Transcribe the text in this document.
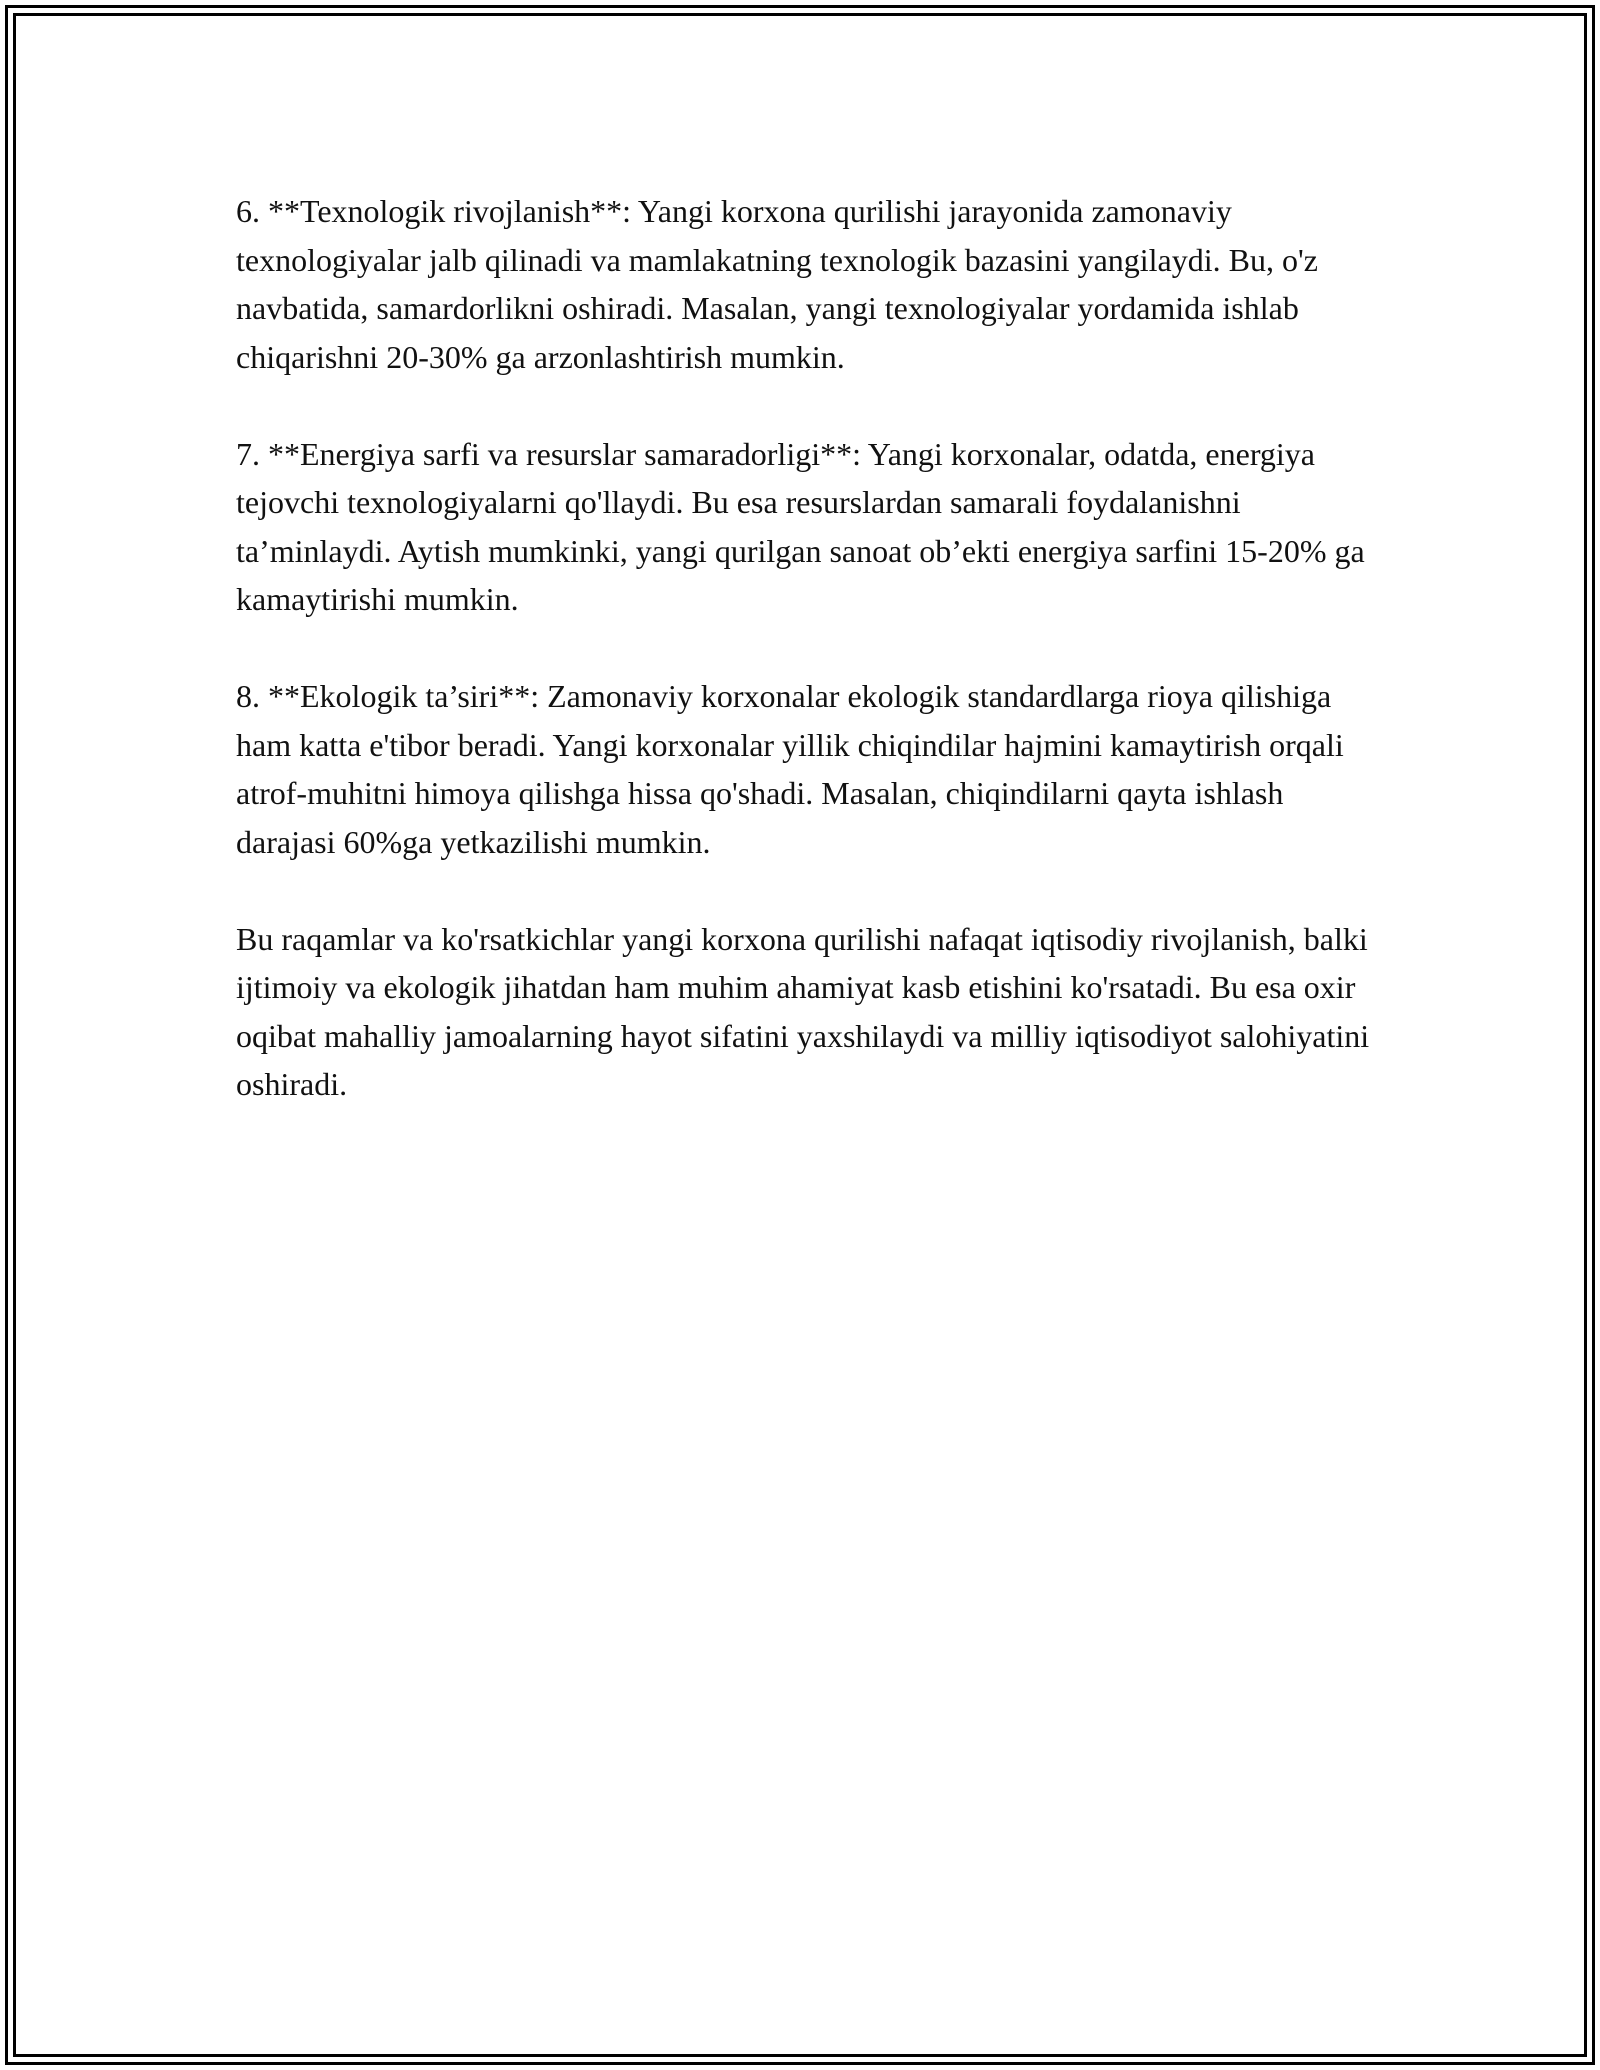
6. **Texnologik rivojlanish**: Yangi korxona qurilishi jarayonida zamonaviy texnologiyalar jalb qilinadi va mamlakatning texnologik bazasini yangilaydi. Bu, o'z navbatida, samardorlikni oshiradi. Masalan, yangi texnologiyalar yordamida ishlab chiqarishni 20-30% ga arzonlashtirish mumkin.

7. **Energiya sarfi va resurslar samaradorligi**: Yangi korxonalar, odatda, energiya tejovchi texnologiyalarni qo'llaydi. Bu esa resurslardan samarali foydalanishni ta’minlaydi. Aytish mumkinki, yangi qurilgan sanoat ob’ekti energiya sarfini 15-20% ga kamaytirishi mumkin.

8. **Ekologik ta’siri**: Zamonaviy korxonalar ekologik standardlarga rioya qilishiga ham katta e'tibor beradi. Yangi korxonalar yillik chiqindilar hajmini kamaytirish orqali atrof-muhitni himoya qilishga hissa qo'shadi. Masalan, chiqindilarni qayta ishlash darajasi 60%ga yetkazilishi mumkin.

Bu raqamlar va ko'rsatkichlar yangi korxona qurilishi nafaqat iqtisodiy rivojlanish, balki ijtimoiy va ekologik jihatdan ham muhim ahamiyat kasb etishini ko'rsatadi. Bu esa oxir oqibat mahalliy jamoalarning hayot sifatini yaxshilaydi va milliy iqtisodiyot salohiyatini oshiradi.
